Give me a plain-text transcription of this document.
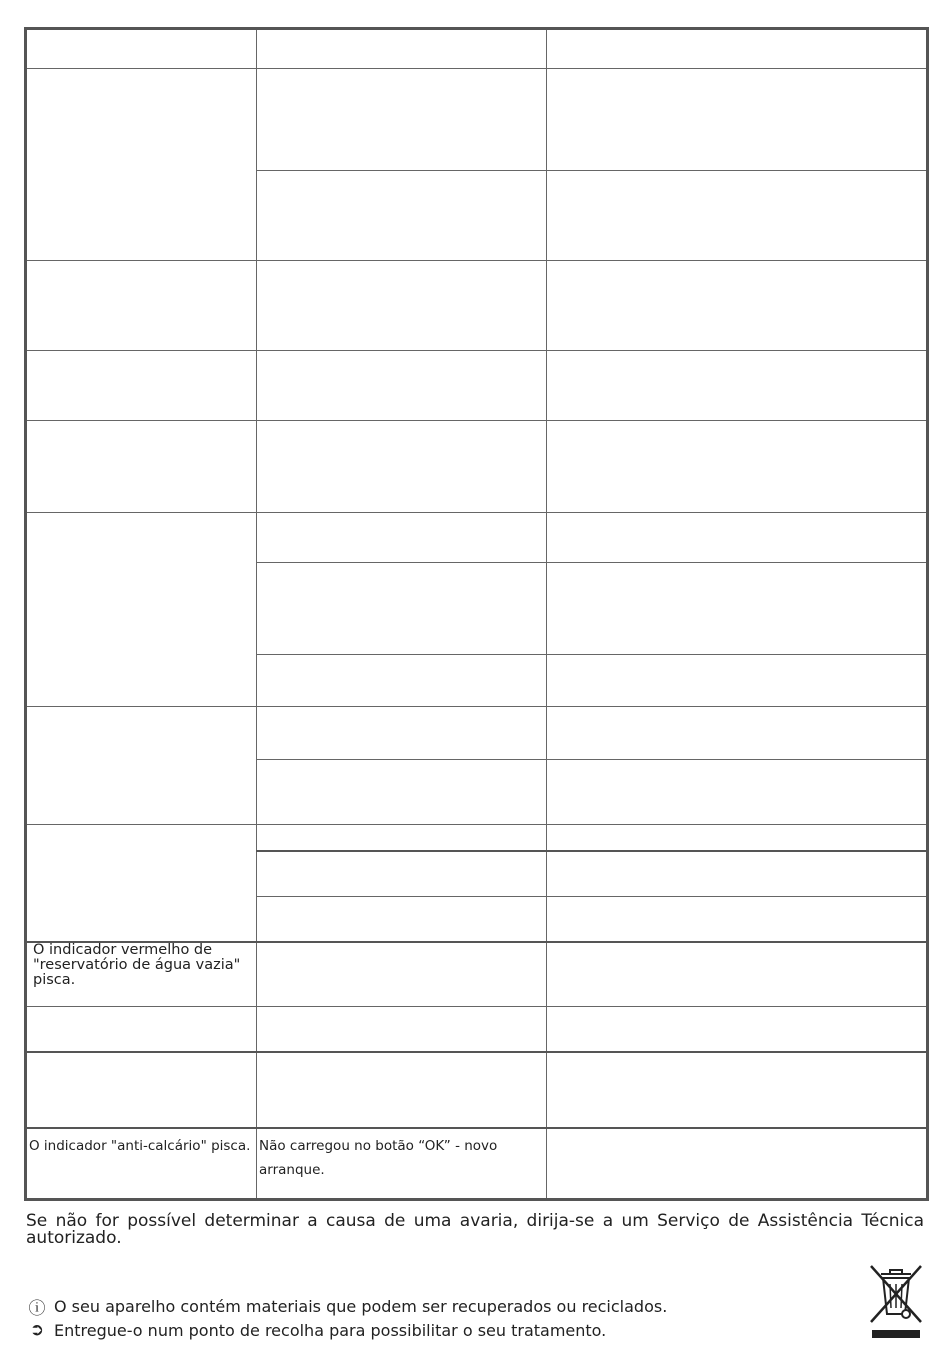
O indicador vermelho de "reservatório de água vazia" pisca.
O indicador "anti-calcário" pisca. Não carregou no botão “OK” - novo arranque.

Se não for possível determinar a causa de uma avaria, dirija-se a um Serviço de Assistência Técnica autorizado.

ⓘ O seu aparelho contém materiais que podem ser recuperados ou reciclados.
➲ Entregue-o num ponto de recolha para possibilitar o seu tratamento.
